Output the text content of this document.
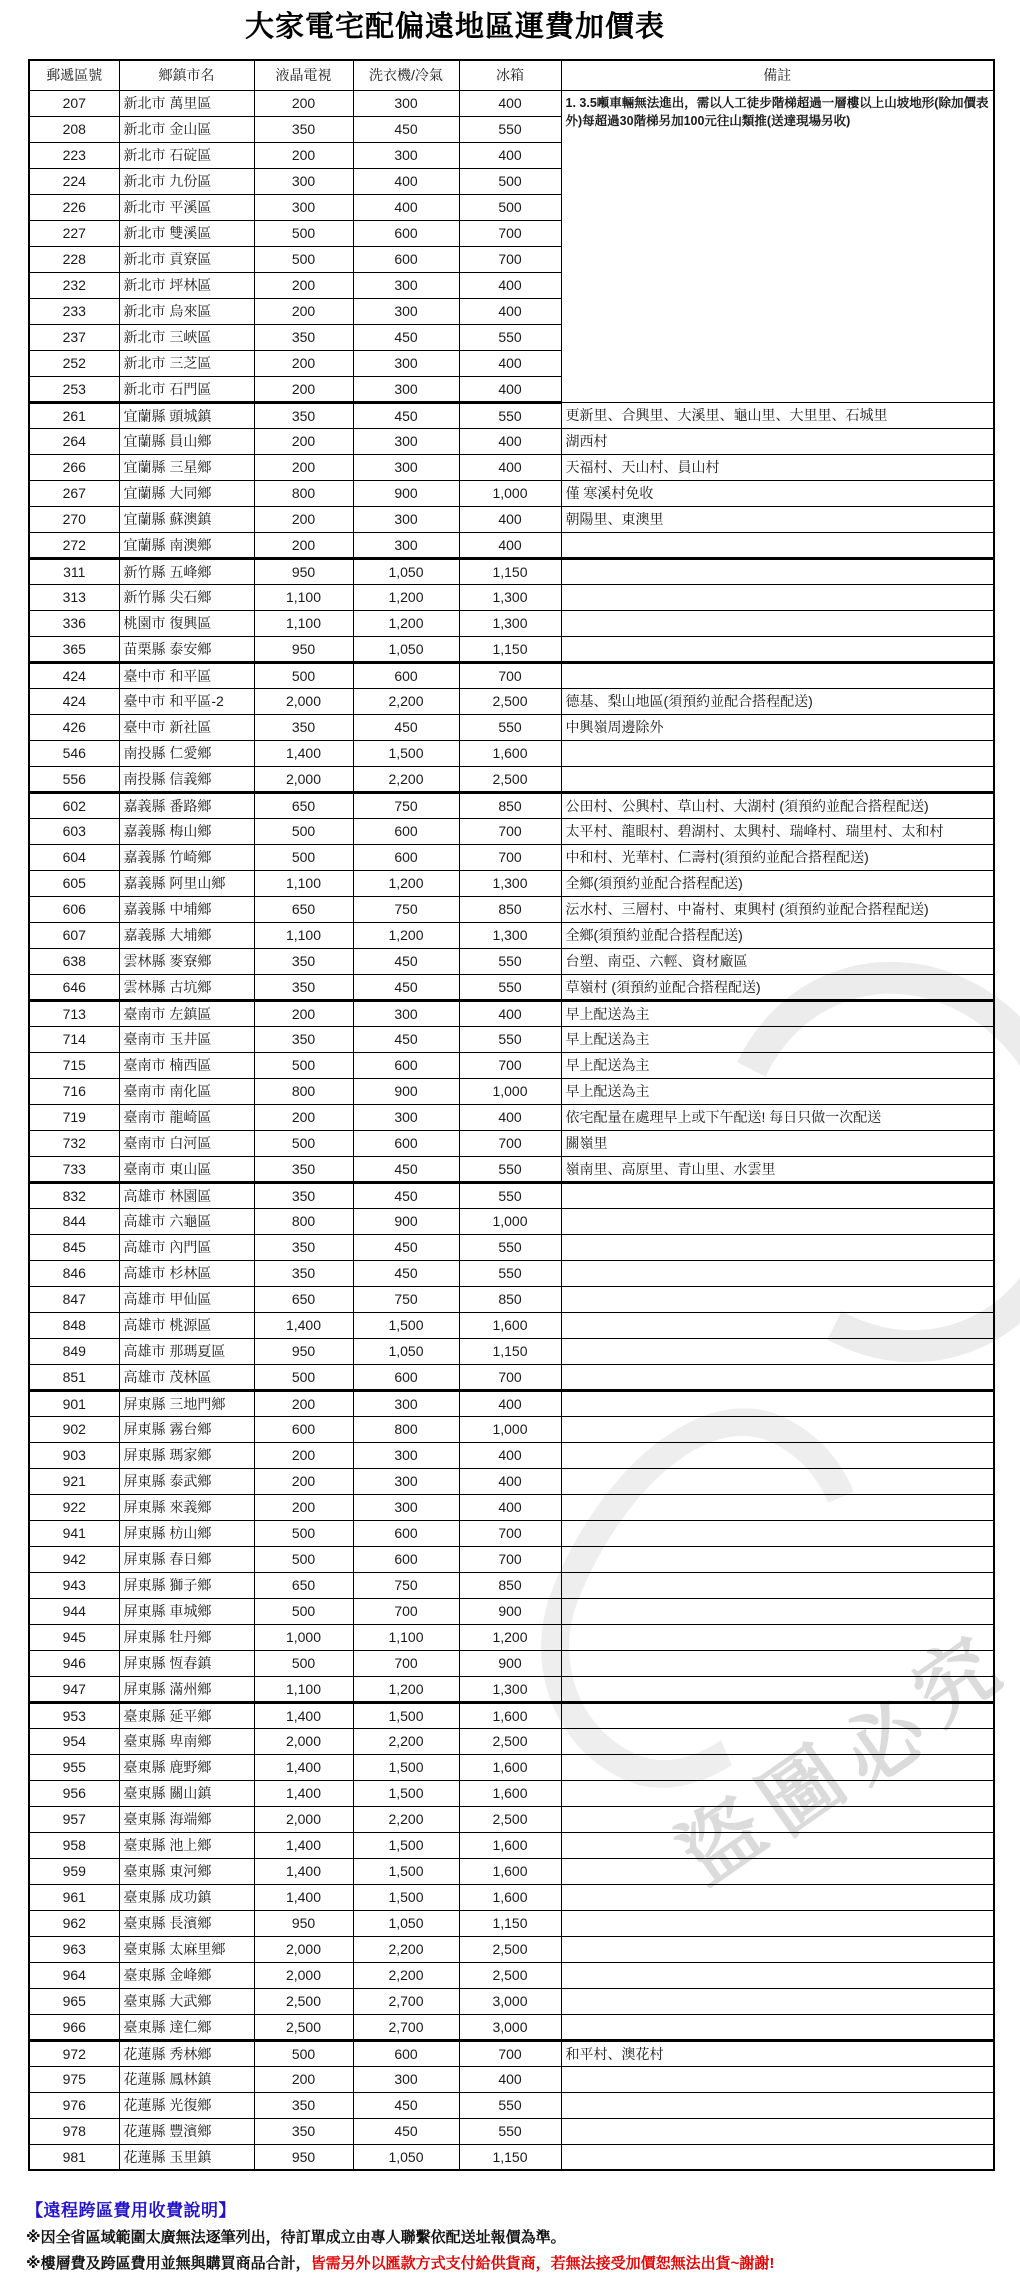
盜
圖
必
究
大家電宅配偏遠地區運費加價表
郵遞區號	鄉鎮市名	液晶電視	洗衣機/冷氣	冰箱	備註
207	新北市 萬里區	200	300	400	1. 3.5噸車輛無法進出，需以人工徒步階梯超過一層樓以上山坡地形(除加價表外)每超過30階梯另加100元往山類推(送達現場另收)
208	新北市 金山區	350	450	550	
223	新北市 石碇區	200	300	400	
224	新北市 九份區	300	400	500	
226	新北市 平溪區	300	400	500	
227	新北市 雙溪區	500	600	700	
228	新北市 貢寮區	500	600	700	
232	新北市 坪林區	200	300	400	
233	新北市 烏來區	200	300	400	
237	新北市 三峽區	350	450	550	
252	新北市 三芝區	200	300	400	
253	新北市 石門區	200	300	400	
261	宜蘭縣 頭城鎮	350	450	550	更新里、合興里、大溪里、龜山里、大里里、石城里
264	宜蘭縣 員山鄉	200	300	400	湖西村
266	宜蘭縣 三星鄉	200	300	400	天福村、天山村、員山村
267	宜蘭縣 大同鄉	800	900	1,000	僅 寒溪村免收
270	宜蘭縣 蘇澳鎮	200	300	400	朝陽里、東澳里
272	宜蘭縣 南澳鄉	200	300	400	
311	新竹縣 五峰鄉	950	1,050	1,150	
313	新竹縣 尖石鄉	1,100	1,200	1,300	
336	桃園市 復興區	1,100	1,200	1,300	
365	苗栗縣 泰安鄉	950	1,050	1,150	
424	臺中市 和平區	500	600	700	
424	臺中市 和平區-2	2,000	2,200	2,500	德基、梨山地區(須預約並配合搭程配送)
426	臺中市 新社區	350	450	550	中興嶺周邊除外
546	南投縣 仁愛鄉	1,400	1,500	1,600	
556	南投縣 信義鄉	2,000	2,200	2,500	
602	嘉義縣 番路鄉	650	750	850	公田村、公興村、草山村、大湖村 (須預約並配合搭程配送)
603	嘉義縣 梅山鄉	500	600	700	太平村、龍眼村、碧湖村、太興村、瑞峰村、瑞里村、太和村
604	嘉義縣 竹崎鄉	500	600	700	中和村、光華村、仁壽村(須預約並配合搭程配送)
605	嘉義縣 阿里山鄉	1,100	1,200	1,300	全鄉(須預約並配合搭程配送)
606	嘉義縣 中埔鄉	650	750	850	沄水村、三層村、中崙村、東興村 (須預約並配合搭程配送)
607	嘉義縣 大埔鄉	1,100	1,200	1,300	全鄉(須預約並配合搭程配送)
638	雲林縣 麥寮鄉	350	450	550	台塑、南亞、六輕、資材廠區
646	雲林縣 古坑鄉	350	450	550	草嶺村 (須預約並配合搭程配送)
713	臺南市 左鎮區	200	300	400	早上配送為主
714	臺南市 玉井區	350	450	550	早上配送為主
715	臺南市 楠西區	500	600	700	早上配送為主
716	臺南市 南化區	800	900	1,000	早上配送為主
719	臺南市 龍崎區	200	300	400	依宅配量在處理早上或下午配送! 每日只做一次配送
732	臺南市 白河區	500	600	700	關嶺里
733	臺南市 東山區	350	450	550	嶺南里、高原里、青山里、水雲里
832	高雄市 林園區	350	450	550	
844	高雄市 六龜區	800	900	1,000	
845	高雄市 內門區	350	450	550	
846	高雄市 杉林區	350	450	550	
847	高雄市 甲仙區	650	750	850	
848	高雄市 桃源區	1,400	1,500	1,600	
849	高雄市 那瑪夏區	950	1,050	1,150	
851	高雄市 茂林區	500	600	700	
901	屏東縣 三地門鄉	200	300	400	
902	屏東縣 霧台鄉	600	800	1,000	
903	屏東縣 瑪家鄉	200	300	400	
921	屏東縣 泰武鄉	200	300	400	
922	屏東縣 來義鄉	200	300	400	
941	屏東縣 枋山鄉	500	600	700	
942	屏東縣 春日鄉	500	600	700	
943	屏東縣 獅子鄉	650	750	850	
944	屏東縣 車城鄉	500	700	900	
945	屏東縣 牡丹鄉	1,000	1,100	1,200	
946	屏東縣 恆春鎮	500	700	900	
947	屏東縣 滿州鄉	1,100	1,200	1,300	
953	臺東縣 延平鄉	1,400	1,500	1,600	
954	臺東縣 卑南鄉	2,000	2,200	2,500	
955	臺東縣 鹿野鄉	1,400	1,500	1,600	
956	臺東縣 關山鎮	1,400	1,500	1,600	
957	臺東縣 海端鄉	2,000	2,200	2,500	
958	臺東縣 池上鄉	1,400	1,500	1,600	
959	臺東縣 東河鄉	1,400	1,500	1,600	
961	臺東縣 成功鎮	1,400	1,500	1,600	
962	臺東縣 長濱鄉	950	1,050	1,150	
963	臺東縣 太麻里鄉	2,000	2,200	2,500	
964	臺東縣 金峰鄉	2,000	2,200	2,500	
965	臺東縣 大武鄉	2,500	2,700	3,000	
966	臺東縣 達仁鄉	2,500	2,700	3,000	
972	花蓮縣 秀林鄉	500	600	700	和平村、澳花村
975	花蓮縣 鳳林鎮	200	300	400	
976	花蓮縣 光復鄉	350	450	550	
978	花蓮縣 豐濱鄉	350	450	550	
981	花蓮縣 玉里鎮	950	1,050	1,150	
【遠程跨區費用收費說明】
※因全省區域範圍太廣無法逐筆列出，待訂單成立由專人聯繫依配送址報價為準。
※樓層費及跨區費用並無與購買商品合計，皆需另外以匯款方式支付給供貨商，若無法接受加價恕無法出貨~謝謝!
